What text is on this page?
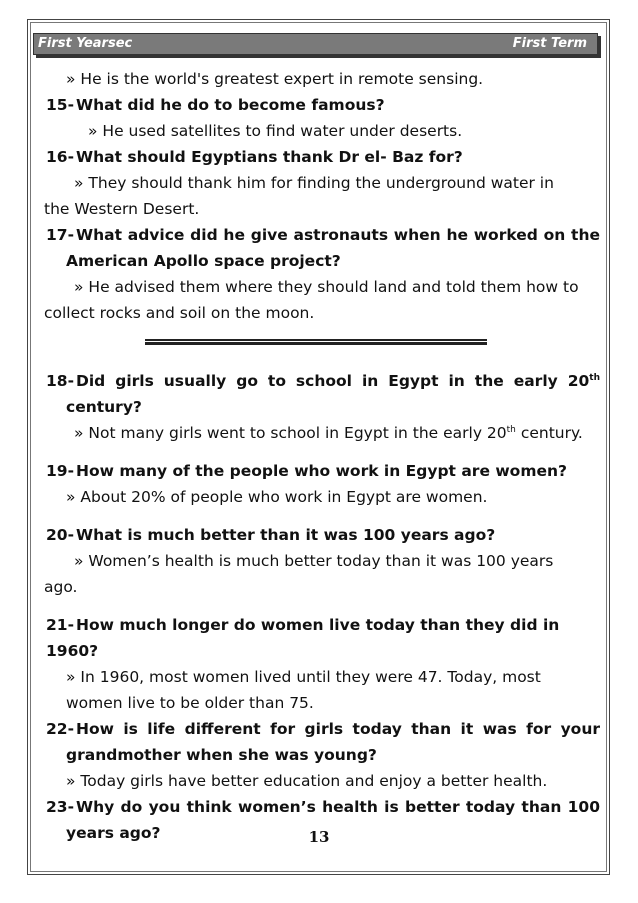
First Yearsec	First Term
» He is the world's greatest expert in remote sensing.
15- What did he do to become famous?
» He used satellites to find water under deserts.
16- What should Egyptians thank Dr el- Baz for?
» They should thank him for finding the underground water in
the Western Desert.
17- What advice did he give astronauts when he worked on the
American Apollo space project?
» He advised them where they should land and told them how to
collect rocks and soil on the moon.
18- Did girls usually go to school in Egypt in the early 20th
century?
» Not many girls went to school in Egypt in the early 20th century.
19- How many of the people who work in Egypt are women?
» About 20% of people who work in Egypt are women.
20- What is much better than it was 100 years ago?
» Women’s health is much better today than it was 100 years
ago.
21- How much longer do women live today than they did in 1960?
» In 1960, most women lived until they were 47. Today, most
women live to be older than 75.
22- How is life different for girls today than it was for your
grandmother when she was young?
» Today girls have better education and enjoy a better health.
23- Why do you think women’s health is better today than 100
years ago?	13
